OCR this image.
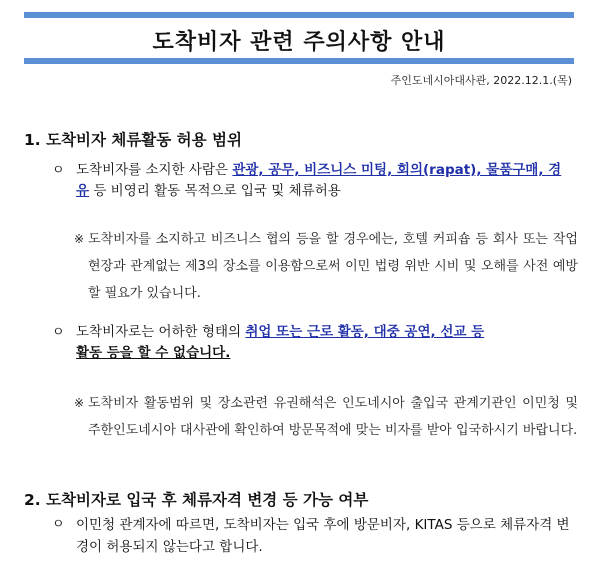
도착비자 관련 주의사항 안내
주인도네시아대사관, 2022.12.1.(목)
1. 도착비자 체류활동 허용 범위
ㅇ 도착비자를 소지한 사람은 관광, 공무, 비즈니스 미팅, 회의(rapat), 물품구매, 경유 등 비영리 활동 목적으로 입국 및 체류허용
※ 도착비자를 소지하고 비즈니스 협의 등을 할 경우에는, 호텔 커피숍 등 회사 또는 작업 현장과 관계없는 제3의 장소를 이용함으로써 이민 법령 위반 시비 및 오해를 사전 예방할 필요가 있습니다.
ㅇ 도착비자로는 어하한 형태의 취업 또는 근로 활동, 대중 공연, 선교 등
활동 등을 할 수 없습니다.
※ 도착비자 활동범위 및 장소관련 유권해석은 인도네시아 출입국 관계기관인 이민청 및 주한인도네시아 대사관에 확인하여 방문목적에 맞는 비자를 받아 입국하시기 바랍니다.
2. 도착비자로 입국 후 체류자격 변경 등 가능 여부
ㅇ 이민청 관계자에 따르면, 도착비자는 입국 후에 방문비자, KITAS 등으로 체류자격 변경이 허용되지 않는다고 합니다.
